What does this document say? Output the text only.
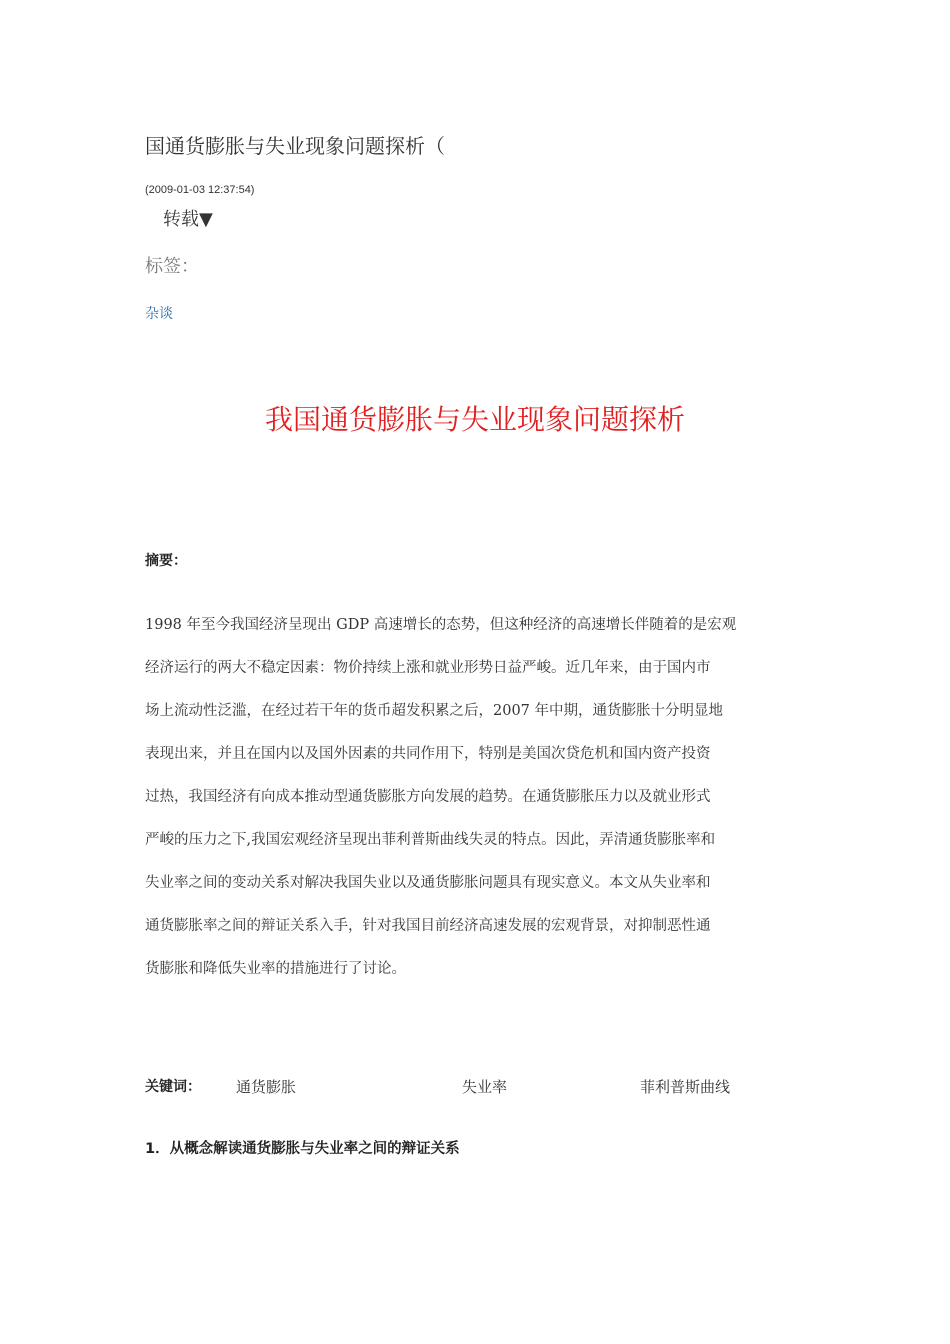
国通货膨胀与失业现象问题探析（
(2009-01-03 12:37:54)
转载▼
标签：
杂谈
我国通货膨胀与失业现象问题探析
摘要：

1998 年至今我国经济呈现出 GDP 高速增长的态势，但这种经济的高速增长伴随着的是宏观
经济运行的两大不稳定因素：物价持续上涨和就业形势日益严峻。近几年来，由于国内市
场上流动性泛滥，在经过若干年的货币超发积累之后，2007 年中期，通货膨胀十分明显地
表现出来，并且在国内以及国外因素的共同作用下，特别是美国次贷危机和国内资产投资
过热，我国经济有向成本推动型通货膨胀方向发展的趋势。在通货膨胀压力以及就业形式
严峻的压力之下,我国宏观经济呈现出菲利普斯曲线失灵的特点。因此，弄清通货膨胀率和
失业率之间的变动关系对解决我国失业以及通货膨胀问题具有现实意义。本文从失业率和
通货膨胀率之间的辩证关系入手，针对我国目前经济高速发展的宏观背景，对抑制恶性通
货膨胀和降低失业率的措施进行了讨论。

关键词： 通货膨胀	失业率	菲利普斯曲线
1．从概念解读通货膨胀与失业率之间的辩证关系
